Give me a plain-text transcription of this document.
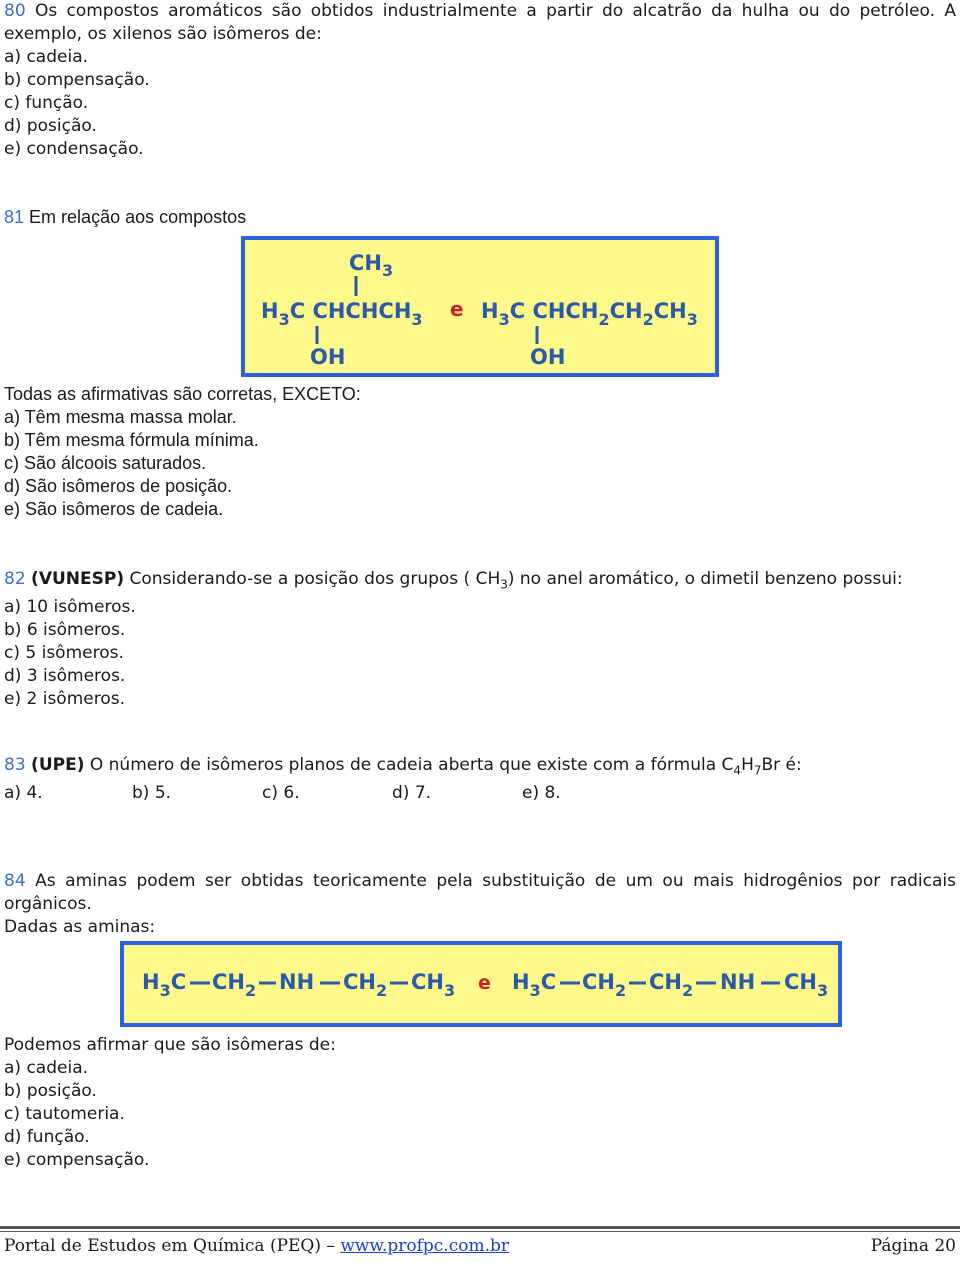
80 Os compostos aromáticos são obtidos industrialmente a partir do alcatrão da hulha ou do petróleo. A
exemplo, os xilenos são isômeros de:
a) cadeia.
b) compensação.
c) função.
d) posição.
e) condensação.
81 Em relação aos compostos
$CH_3$
$H_3C$ $CHCHCH_3$
OH
e $H_3C$ $CHCH_2CH_2CH_3$
OH
Todas as afirmativas são corretas, EXCETO:
a) Têm mesma massa molar.
b) Têm mesma fórmula mínima.
c) São álcoois saturados.
d) São isômeros de posição.
e) São isômeros de cadeia.
82 (VUNESP) Considerando-se a posição dos grupos ( $CH_3$) no anel aromático, o dimetil benzeno possui:
a) 10 isômeros.
b) 6 isômeros.
c) 5 isômeros.
d) 3 isômeros.
e) 2 isômeros.
83 (UPE) O número de isômeros planos de cadeia aberta que existe com a fórmula $C_4H_7Br$ é:
a) 4.	b) 5.	c) 6.	d) 7.	e) 8.
84 As aminas podem ser obtidas teoricamente pela substituição de um ou mais hidrogênios por radicais
orgânicos.
Dadas as aminas:
$H_3C$ $CH_2$ NH $CH_2$ $CH_3$ e $H_3C$ $CH_2$ $CH_2$ NH $CH_3$
Podemos afirmar que são isômeras de:
a) cadeia.
b) posição.
c) tautomeria.
d) função.
e) compensação.
Portal de Estudos em Química (PEQ) – www.profpc.com.br	Página 20
